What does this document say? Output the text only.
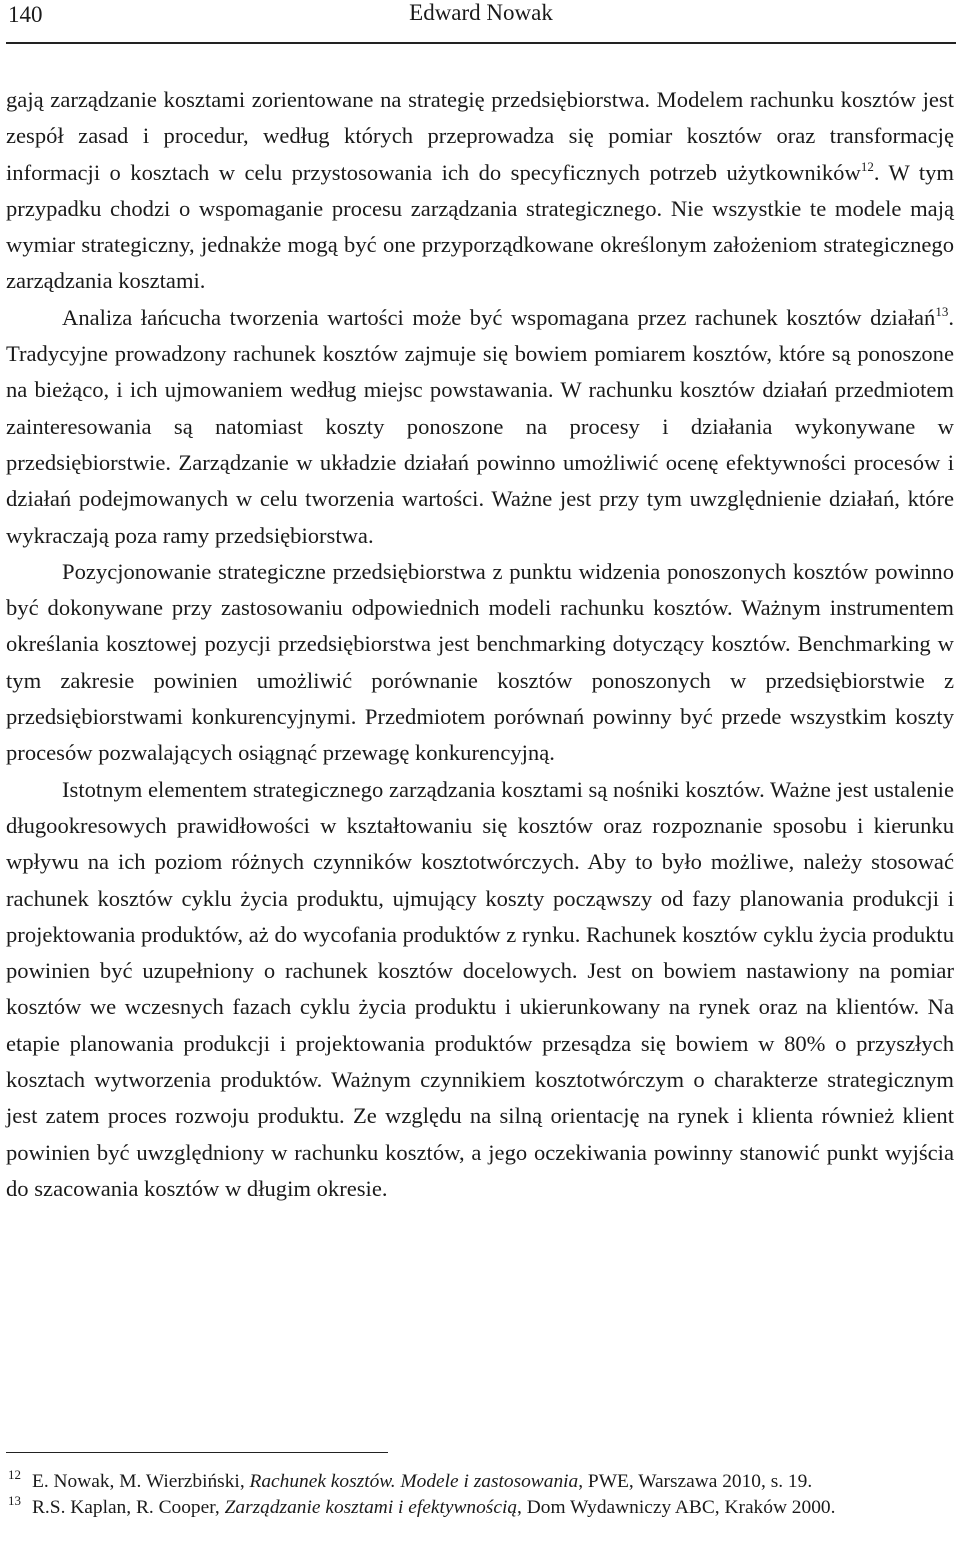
140	Edward Nowak

gają zarządzanie kosztami zorientowane na strategię przedsiębiorstwa. Modelem rachunku kosztów jest zespół zasad i procedur, według których przeprowadza się pomiar kosztów oraz transformację informacji o kosztach w celu przystosowania ich do specyficznych potrzeb użytkowników$^{12}$. W tym przypadku chodzi o wspomaganie procesu zarządzania strategicznego. Nie wszystkie te modele mają wymiar strategiczny, jednakże mogą być one przyporządkowane określonym założeniom strategicznego zarządzania kosztami.

Analiza łańcucha tworzenia wartości może być wspomagana przez rachunek kosztów działań$^{13}$. Tradycyjne prowadzony rachunek kosztów zajmuje się bowiem pomiarem kosztów, które są ponoszone na bieżąco, i ich ujmowaniem według miejsc powstawania. W rachunku kosztów działań przedmiotem zainteresowania są natomiast koszty ponoszone na procesy i działania wykonywane w przedsiębiorstwie. Zarządzanie w układzie działań powinno umożliwić ocenę efektywności procesów i działań podejmowanych w celu tworzenia wartości. Ważne jest przy tym uwzględnienie działań, które wykraczają poza ramy przedsiębiorstwa.

Pozycjonowanie strategiczne przedsiębiorstwa z punktu widzenia ponoszonych kosztów powinno być dokonywane przy zastosowaniu odpowiednich modeli rachunku kosztów. Ważnym instrumentem określania kosztowej pozycji przedsiębiorstwa jest benchmarking dotyczący kosztów. Benchmarking w tym zakresie powinien umożliwić porównanie kosztów ponoszonych w przedsiębiorstwie z przedsiębiorstwami konkurencyjnymi. Przedmiotem porównań powinny być przede wszystkim koszty procesów pozwalających osiągnąć przewagę konkurencyjną.

Istotnym elementem strategicznego zarządzania kosztami są nośniki kosztów. Ważne jest ustalenie długookresowych prawidłowości w kształtowaniu się kosztów oraz rozpoznanie sposobu i kierunku wpływu na ich poziom różnych czynników kosztotwórczych. Aby to było możliwe, należy stosować rachunek kosztów cyklu życia produktu, ujmujący koszty począwszy od fazy planowania produkcji i projektowania produktów, aż do wycofania produktów z rynku. Rachunek kosztów cyklu życia produktu powinien być uzupełniony o rachunek kosztów docelowych. Jest on bowiem nastawiony na pomiar kosztów we wczesnych fazach cyklu życia produktu i ukierunkowany na rynek oraz na klientów. Na etapie planowania produkcji i projektowania produktów przesądza się bowiem w 80% o przyszłych kosztach wytworzenia produktów. Ważnym czynnikiem kosztotwórczym o charakterze strategicznym jest zatem proces rozwoju produktu. Ze względu na silną orientację na rynek i klienta również klient powinien być uwzględniony w rachunku kosztów, a jego oczekiwania powinny stanowić punkt wyjścia do szacowania kosztów w długim okresie.

12 E. Nowak, M. Wierzbiński, Rachunek kosztów. Modele i zastosowania, PWE, Warszawa 2010, s. 19.
13 R.S. Kaplan, R. Cooper, Zarządzanie kosztami i efektywnością, Dom Wydawniczy ABC, Kraków 2000.
